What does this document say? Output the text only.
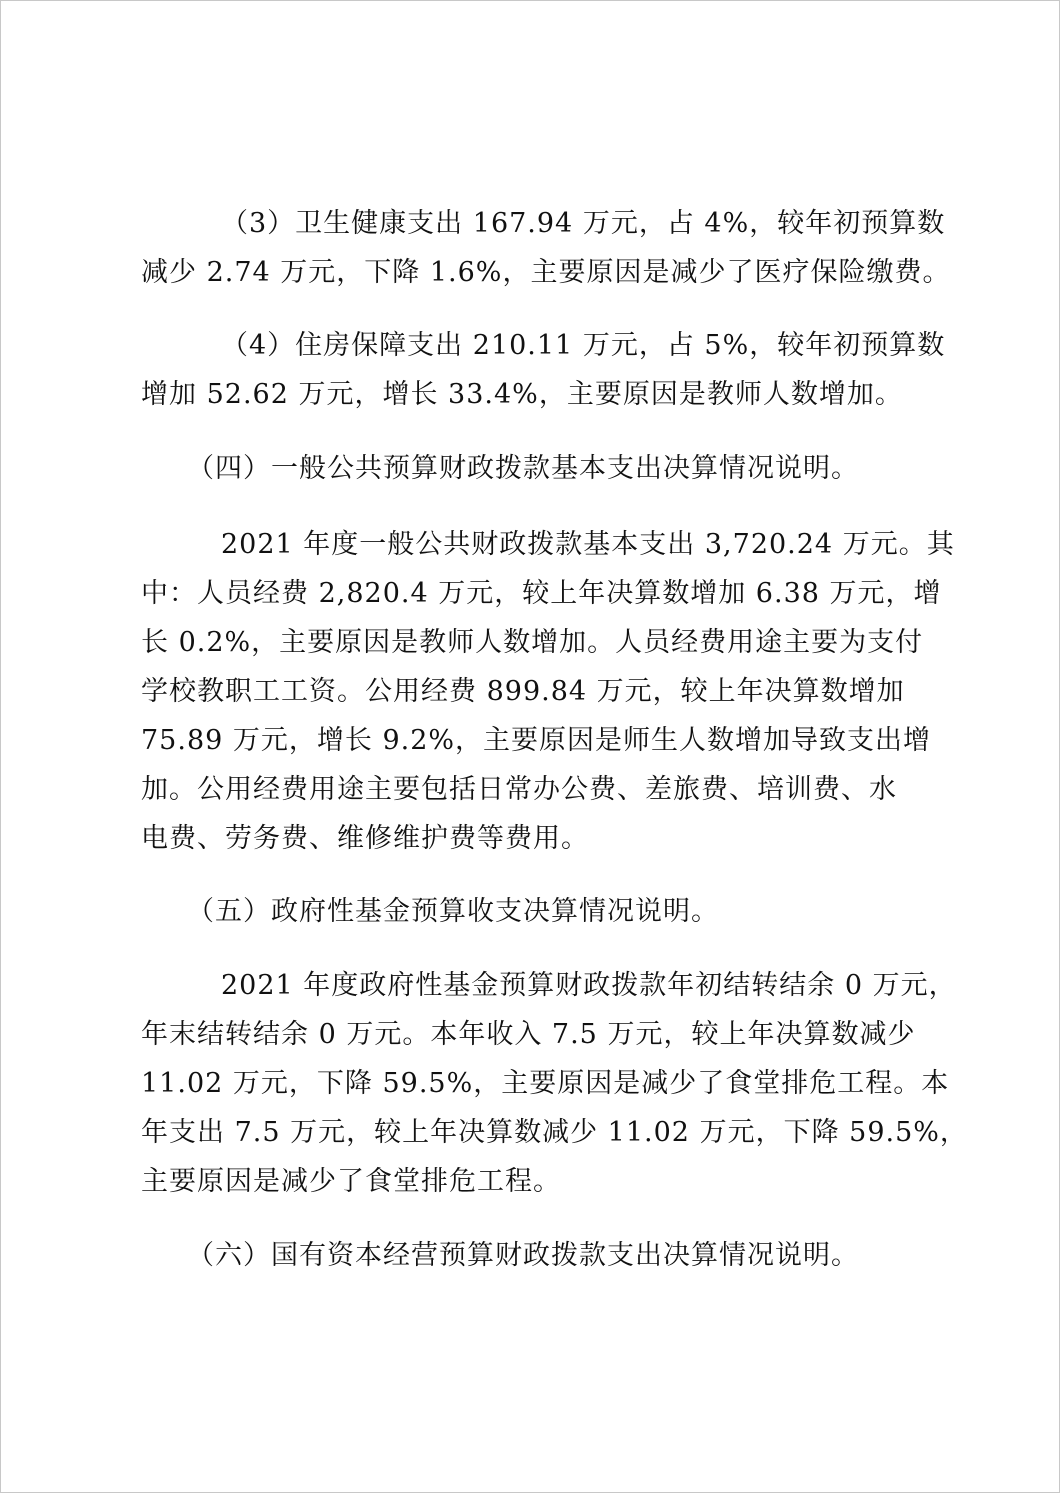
（3）卫生健康支出 167.94 万元，占 4%，较年初预算数
减少 2.74 万元，下降 1.6%，主要原因是减少了医疗保险缴费。
（4）住房保障支出 210.11 万元，占 5%，较年初预算数
增加 52.62 万元，增长 33.4%，主要原因是教师人数增加。
（四）一般公共预算财政拨款基本支出决算情况说明。
2021 年度一般公共财政拨款基本支出 3,720.24 万元。其
中：人员经费 2,820.4 万元，较上年决算数增加 6.38 万元，增
长 0.2%，主要原因是教师人数增加。人员经费用途主要为支付
学校教职工工资。公用经费 899.84 万元，较上年决算数增加
75.89 万元，增长 9.2%，主要原因是师生人数增加导致支出增
加。公用经费用途主要包括日常办公费、差旅费、培训费、水
电费、劳务费、维修维护费等费用。
（五）政府性基金预算收支决算情况说明。
2021 年度政府性基金预算财政拨款年初结转结余 0 万元，
年末结转结余 0 万元。本年收入 7.5 万元，较上年决算数减少
11.02 万元，下降 59.5%，主要原因是减少了食堂排危工程。本
年支出 7.5 万元，较上年决算数减少 11.02 万元，下降 59.5%，
主要原因是减少了食堂排危工程。
（六）国有资本经营预算财政拨款支出决算情况说明。
